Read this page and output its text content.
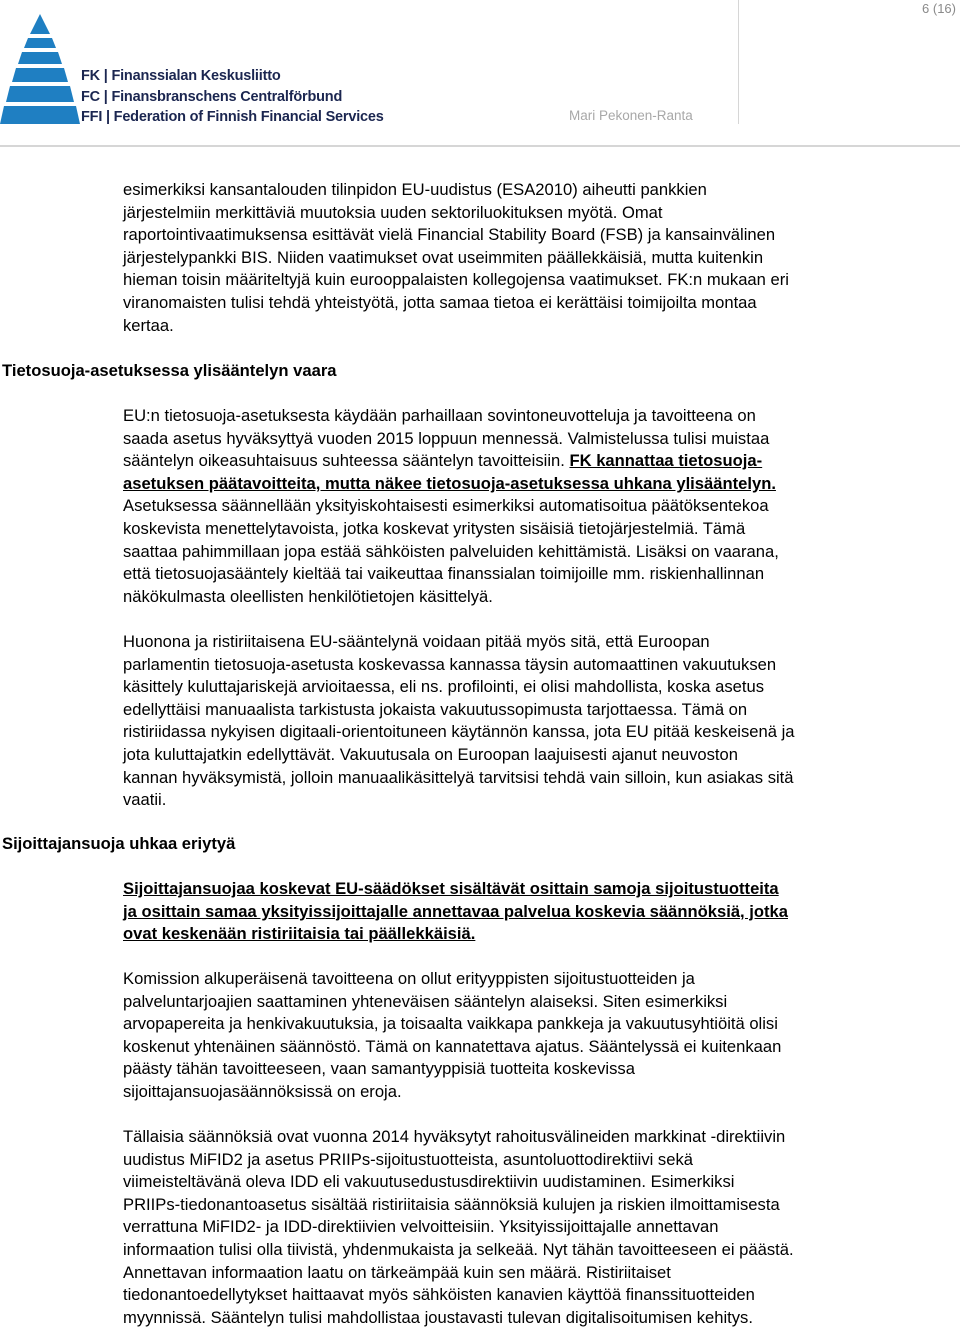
FK | Finanssialan Keskusliitto
FC | Finansbranschens Centralförbund
FFI | Federation of Finnish Financial Services
6 (16)
Mari Pekonen-Ranta
esimerkiksi kansantalouden tilinpidon EU-uudistus (ESA2010) aiheutti pankkien
järjestelmiin merkittäviä muutoksia uuden sektoriluokituksen myötä. Omat
raportointivaatimuksensa esittävät vielä Financial Stability Board (FSB) ja kansainvälinen
järjestelypankki BIS. Niiden vaatimukset ovat useimmiten päällekkäisiä, mutta kuitenkin
hieman toisin määriteltyjä kuin eurooppalaisten kollegojensa vaatimukset. FK:n mukaan eri
viranomaisten tulisi tehdä yhteistyötä, jotta samaa tietoa ei kerättäisi toimijoilta montaa
kertaa.
Tietosuoja-asetuksessa ylisääntelyn vaara
EU:n tietosuoja-asetuksesta käydään parhaillaan sovintoneuvotteluja ja tavoitteena on
saada asetus hyväksyttyä vuoden 2015 loppuun mennessä. Valmistelussa tulisi muistaa
sääntelyn oikeasuhtaisuus suhteessa sääntelyn tavoitteisiin. FK kannattaa tietosuoja-
asetuksen päätavoitteita, mutta näkee tietosuoja-asetuksessa uhkana ylisääntelyn.
Asetuksessa säännellään yksityiskohtaisesti esimerkiksi automatisoitua päätöksentekoa
koskevista menettelytavoista, jotka koskevat yritysten sisäisiä tietojärjestelmiä. Tämä
saattaa pahimmillaan jopa estää sähköisten palveluiden kehittämistä. Lisäksi on vaarana,
että tietosuojasääntely kieltää tai vaikeuttaa finanssialan toimijoille mm. riskienhallinnan
näkökulmasta oleellisten henkilötietojen käsittelyä.
Huonona ja ristiriitaisena EU-sääntelynä voidaan pitää myös sitä, että Euroopan
parlamentin tietosuoja-asetusta koskevassa kannassa täysin automaattinen vakuutuksen
käsittely kuluttajariskejä arvioitaessa, eli ns. profilointi, ei olisi mahdollista, koska asetus
edellyttäisi manuaalista tarkistusta jokaista vakuutussopimusta tarjottaessa. Tämä on
ristiriidassa nykyisen digitaali-orientoituneen käytännön kanssa, jota EU pitää keskeisenä ja
jota kuluttajatkin edellyttävät. Vakuutusala on Euroopan laajuisesti ajanut neuvoston
kannan hyväksymistä, jolloin manuaalikäsittelyä tarvitsisi tehdä vain silloin, kun asiakas sitä
vaatii.
Sijoittajansuoja uhkaa eriytyä
Sijoittajansuojaa koskevat EU-säädökset sisältävät osittain samoja sijoitustuotteita
ja osittain samaa yksityissijoittajalle annettavaa palvelua koskevia säännöksiä, jotka
ovat keskenään ristiriitaisia tai päällekkäisiä.
Komission alkuperäisenä tavoitteena on ollut erityyppisten sijoitustuotteiden ja
palveluntarjoajien saattaminen yhteneväisen sääntelyn alaiseksi. Siten esimerkiksi
arvopapereita ja henkivakuutuksia, ja toisaalta vaikkapa pankkeja ja vakuutusyhtiöitä olisi
koskenut yhtenäinen säännöstö. Tämä on kannatettava ajatus. Sääntelyssä ei kuitenkaan
päästy tähän tavoitteeseen, vaan samantyyppisiä tuotteita koskevissa
sijoittajansuojasäännöksissä on eroja.
Tällaisia säännöksiä ovat vuonna 2014 hyväksytyt rahoitusvälineiden markkinat -direktiivin
uudistus MiFID2 ja asetus PRIIPs-sijoitustuotteista, asuntoluottodirektiivi sekä
viimeisteltävänä oleva IDD eli vakuutusedustusdirektiivin uudistaminen. Esimerkiksi
PRIIPs-tiedonantoasetus sisältää ristiriitaisia säännöksiä kulujen ja riskien ilmoittamisesta
verrattuna MiFID2- ja IDD-direktiivien velvoitteisiin. Yksityissijoittajalle annettavan
informaation tulisi olla tiivistä, yhdenmukaista ja selkeää. Nyt tähän tavoitteeseen ei päästä.
Annettavan informaation laatu on tärkeämpää kuin sen määrä. Ristiriitaiset
tiedonantoedellytykset haittaavat myös sähköisten kanavien käyttöä finanssituotteiden
myynnissä. Sääntelyn tulisi mahdollistaa joustavasti tulevan digitalisoitumisen kehitys.
